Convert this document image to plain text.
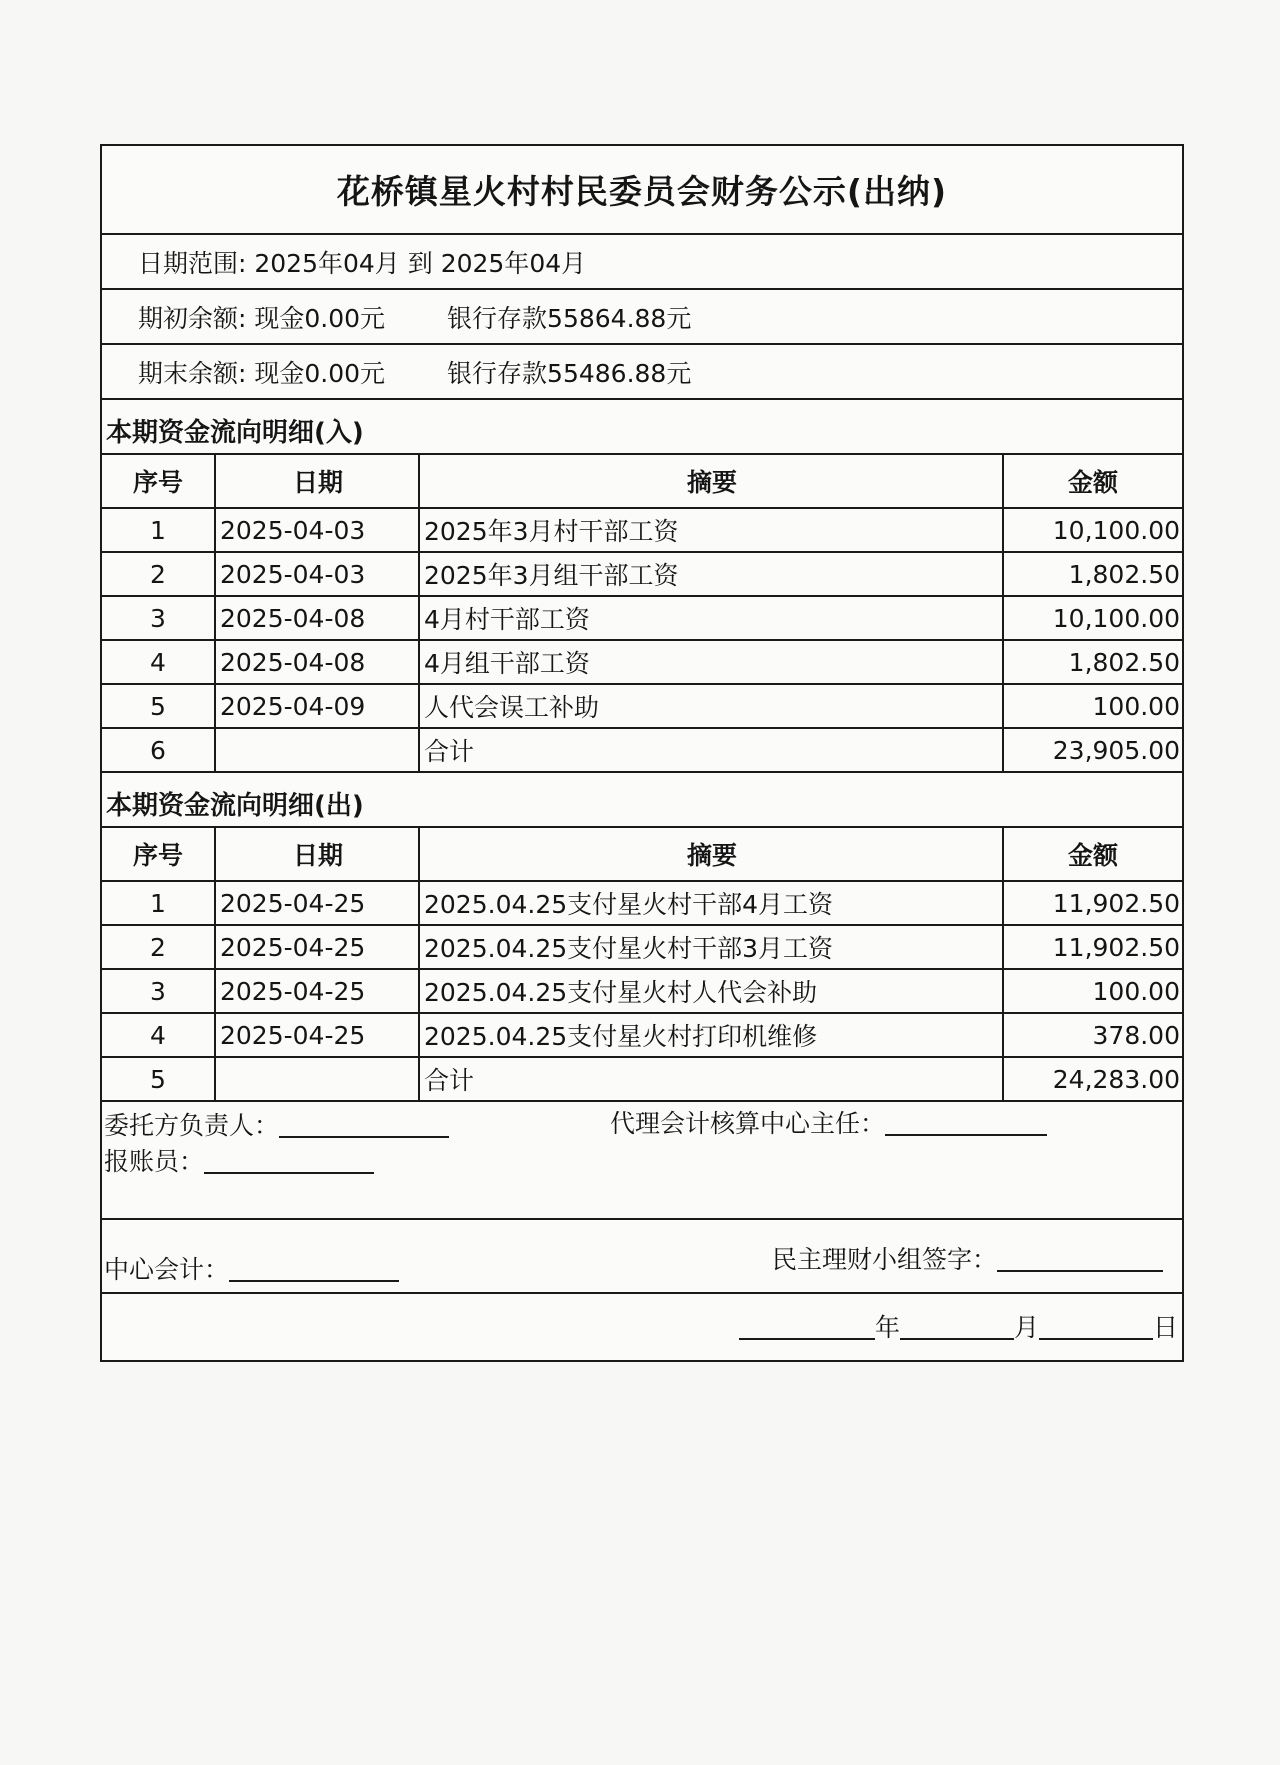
花桥镇星火村村民委员会财务公示(出纳)
日期范围: 2025年04月 到 2025年04月
期初余额: 现金0.00元 银行存款55864.88元
期末余额: 现金0.00元 银行存款55486.88元
本期资金流向明细(入)
序号	日期	摘要	金额
1	2025-04-03	2025年3月村干部工资	10,100.00
2	2025-04-03	2025年3月组干部工资	1,802.50
3	2025-04-08	4月村干部工资	10,100.00
4	2025-04-08	4月组干部工资	1,802.50
5	2025-04-09	人代会误工补助	100.00
6		合计	23,905.00
本期资金流向明细(出)
序号	日期	摘要	金额
1	2025-04-25	2025.04.25支付星火村干部4月工资	11,902.50
2	2025-04-25	2025.04.25支付星火村干部3月工资	11,902.50
3	2025-04-25	2025.04.25支付星火村人代会补助	100.00
4	2025-04-25	2025.04.25支付星火村打印机维修	378.00
5		合计	24,283.00
委托方负责人：	代理会计核算中心主任：
报账员：
中心会计：	民主理财小组签字：
年	月	日
